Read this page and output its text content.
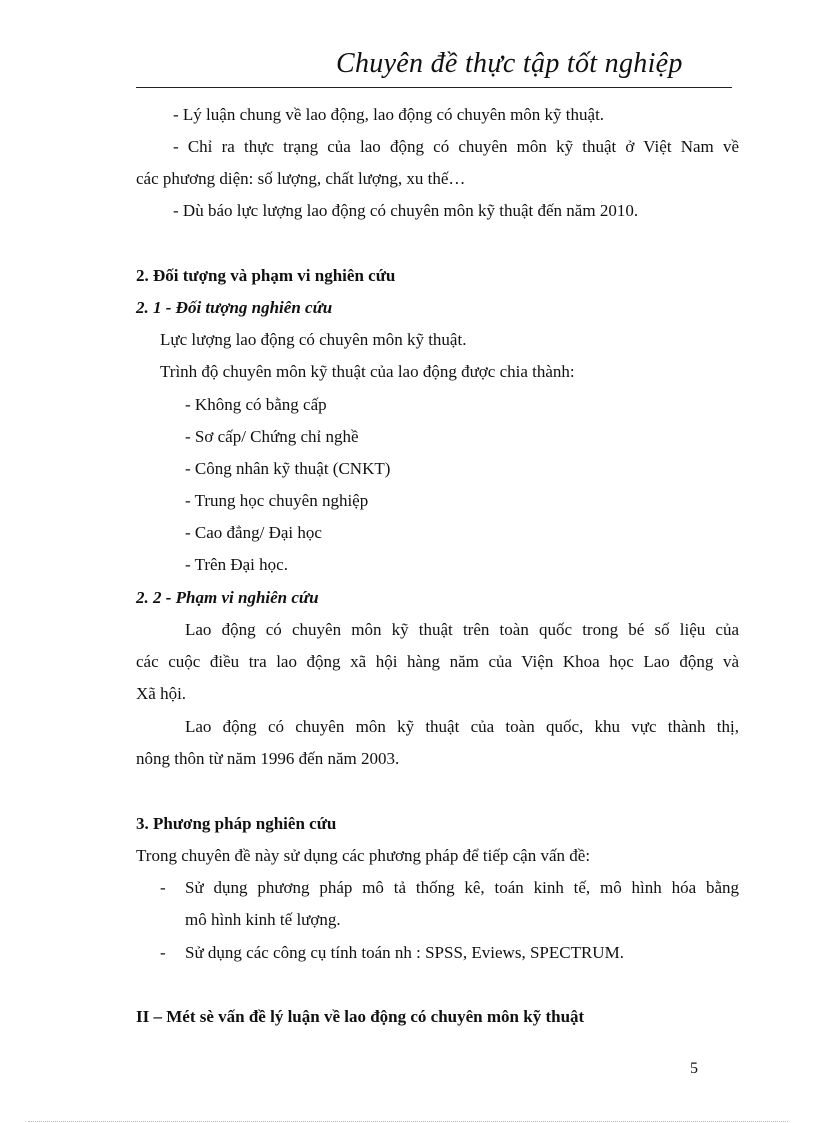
Chuyên đề thực tập tốt nghiệp
- Lý luận chung về lao động, lao động có chuyên môn kỹ thuật.
- Chỉ ra thực trạng của lao động có chuyên môn kỹ thuật ở Việt Nam về
các phương diện: số lượng, chất lượng, xu thế…
- Dù báo lực lượng lao động có chuyên môn kỹ thuật đến năm 2010.
2. Đối tượng và phạm vi nghiên cứu
2. 1 - Đối tượng nghiên cứu
Lực lượng lao động có chuyên môn kỹ thuật.
Trình độ chuyên môn kỹ thuật của lao động được chia thành:
- Không có bằng cấp
- Sơ cấp/ Chứng chỉ nghề
- Công nhân kỹ thuật (CNKT)
- Trung học chuyên nghiệp
- Cao đẳng/ Đại học
- Trên Đại học.
2. 2 - Phạm vi nghiên cứu
Lao động có chuyên môn kỹ thuật trên toàn quốc trong bé số liệu của
các cuộc điều tra lao động xã hội hàng năm của Viện Khoa học Lao động và
Xã hội.
Lao động có chuyên môn kỹ thuật của toàn quốc, khu vực thành thị,
nông thôn từ năm 1996 đến năm 2003.
3. Phương pháp nghiên cứu
Trong chuyên đề này sử dụng các phương pháp để tiếp cận vấn đề:
- Sử dụng phương pháp mô tả thống kê, toán kinh tế, mô hình hóa bằng
mô hình kinh tế lượng.
- Sử dụng các công cụ tính toán nh : SPSS, Eviews, SPECTRUM.
II – Mét sè vấn đề lý luận về lao động có chuyên môn kỹ thuật
5
